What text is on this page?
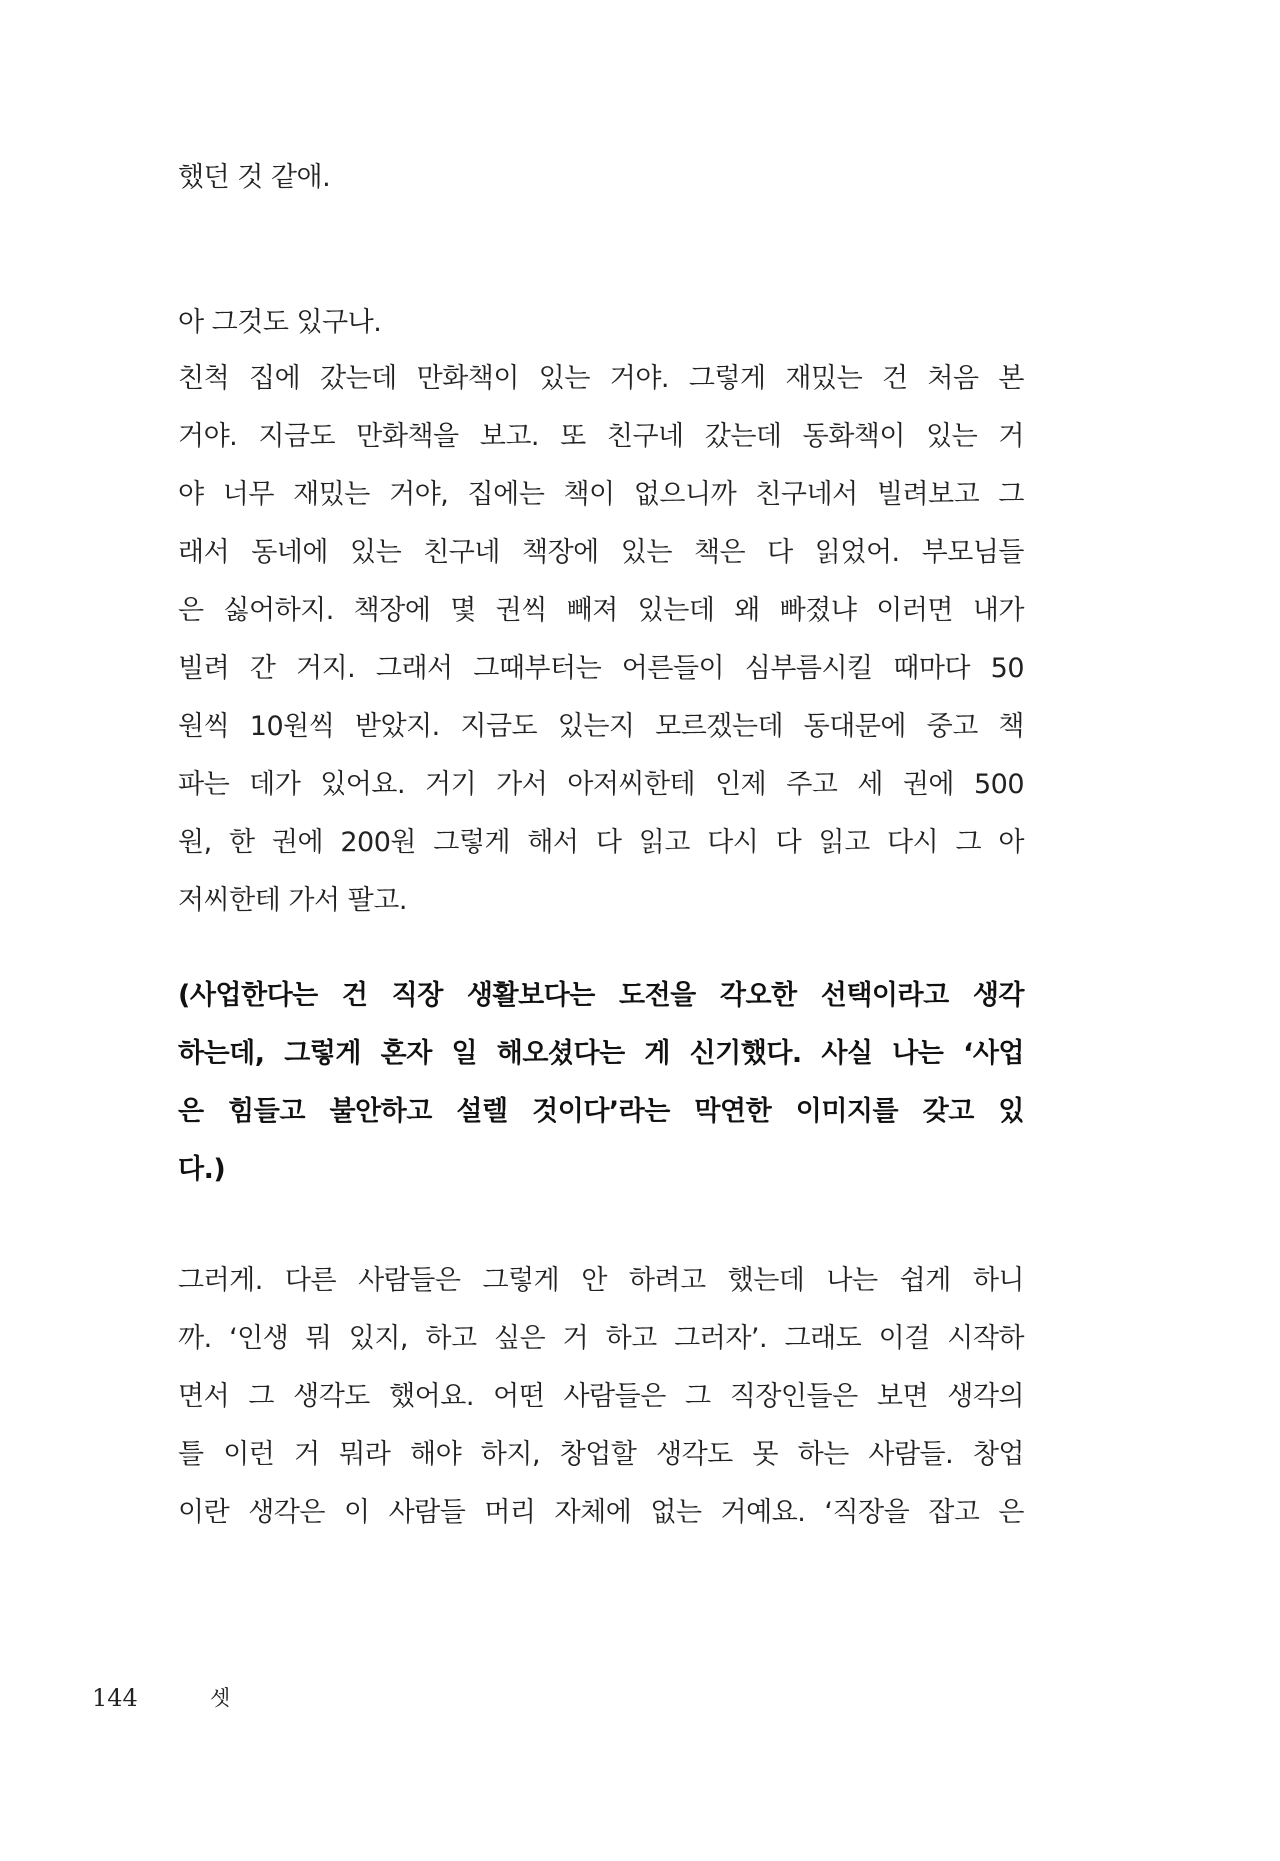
했던 것 같애.
아 그것도 있구나.
친척 집에 갔는데 만화책이 있는 거야. 그렇게 재밌는 건 처음 본
거야. 지금도 만화책을 보고. 또 친구네 갔는데 동화책이 있는 거
야 너무 재밌는 거야, 집에는 책이 없으니까 친구네서 빌려보고 그
래서 동네에 있는 친구네 책장에 있는 책은 다 읽었어. 부모님들
은 싫어하지. 책장에 몇 권씩 빼져 있는데 왜 빠졌냐 이러면 내가
빌려 간 거지. 그래서 그때부터는 어른들이 심부름시킬 때마다 50
원씩 10원씩 받았지. 지금도 있는지 모르겠는데 동대문에 중고 책
파는 데가 있어요. 거기 가서 아저씨한테 인제 주고 세 권에 500
원, 한 권에 200원 그렇게 해서 다 읽고 다시 다 읽고 다시 그 아
저씨한테 가서 팔고.
(사업한다는 건 직장 생활보다는 도전을 각오한 선택이라고 생각
하는데, 그렇게 혼자 일 해오셨다는 게 신기했다. 사실 나는 ‘사업
은 힘들고 불안하고 설렐 것이다’라는 막연한 이미지를 갖고 있
다.)
그러게. 다른 사람들은 그렇게 안 하려고 했는데 나는 쉽게 하니
까. ‘인생 뭐 있지, 하고 싶은 거 하고 그러자’. 그래도 이걸 시작하
면서 그 생각도 했어요. 어떤 사람들은 그 직장인들은 보면 생각의
틀 이런 거 뭐라 해야 하지, 창업할 생각도 못 하는 사람들. 창업
이란 생각은 이 사람들 머리 자체에 없는 거예요. ‘직장을 잡고 은
144	셋
